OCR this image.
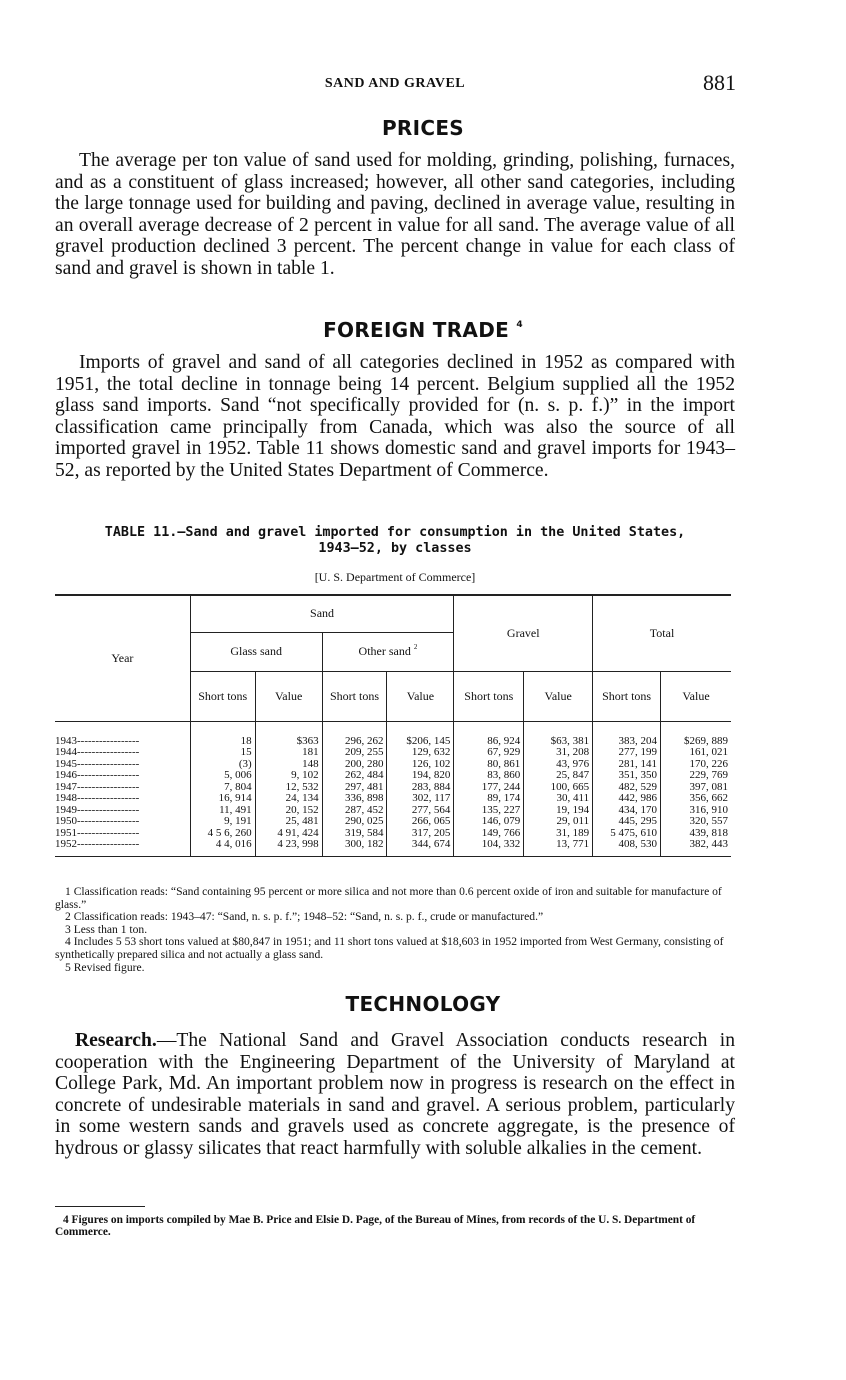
SAND AND GRAVEL	881
PRICES
The average per ton value of sand used for molding, grinding, polishing, furnaces, and as a constituent of glass increased; however, all other sand categories, including the large tonnage used for building and paving, declined in average value, resulting in an overall average decrease of 2 percent in value for all sand. The average value of all gravel production declined 3 percent. The percent change in value for each class of sand and gravel is shown in table 1.
FOREIGN TRADE $^4$
Imports of gravel and sand of all categories declined in 1952 as compared with 1951, the total decline in tonnage being 14 percent. Belgium supplied all the 1952 glass sand imports. Sand “not specifically provided for (n. s. p. f.)” in the import classification came principally from Canada, which was also the source of all imported gravel in 1952. Table 11 shows domestic sand and gravel imports for 1943–52, as reported by the United States Department of Commerce.
TABLE 11.—Sand and gravel imported for consumption in the United States,
1943–52, by classes
[U. S. Department of Commerce]
Year	Sand				Gravel		Total	
	Glass sand		Other sand $^2$
	Short tons	Value	Short tons	Value	Short tons	Value	Short tons	Value
1943-----------------	18	$363	296, 262	$206, 145	86, 924	$63, 381	383, 204	$269, 889
1944-----------------	15	181	209, 255	129, 632	67, 929	31, 208	277, 199	161, 021
1945-----------------	(3)	148	200, 280	126, 102	80, 861	43, 976	281, 141	170, 226
1946-----------------	5, 006	9, 102	262, 484	194, 820	83, 860	25, 847	351, 350	229, 769
1947-----------------	7, 804	12, 532	297, 481	283, 884	177, 244	100, 665	482, 529	397, 081
1948-----------------	16, 914	24, 134	336, 898	302, 117	89, 174	30, 411	442, 986	356, 662
1949-----------------	11, 491	20, 152	287, 452	277, 564	135, 227	19, 194	434, 170	316, 910
1950-----------------	9, 191	25, 481	290, 025	266, 065	146, 079	29, 011	445, 295	320, 557
1951-----------------	4 5 6, 260	4 91, 424	319, 584	317, 205	149, 766	31, 189	5 475, 610	439, 818
1952-----------------	4 4, 016	4 23, 998	300, 182	344, 674	104, 332	13, 771	408, 530	382, 443

1 Classification reads: “Sand containing 95 percent or more silica and not more than 0.6 percent oxide of iron and suitable for manufacture of glass.”

2 Classification reads: 1943–47: “Sand, n. s. p. f.”; 1948–52: “Sand, n. s. p. f., crude or manufactured.”

3 Less than 1 ton.

4 Includes 5 53 short tons valued at $80,847 in 1951; and 11 short tons valued at $18,603 in 1952 imported from West Germany, consisting of synthetically prepared silica and not actually a glass sand.

5 Revised figure.

TECHNOLOGY
Research.—The National Sand and Gravel Association conducts research in cooperation with the Engineering Department of the University of Maryland at College Park, Md. An important problem now in progress is research on the effect in concrete of undesirable materials in sand and gravel. A serious problem, particularly in some western sands and gravels used as concrete aggregate, is the presence of hydrous or glassy silicates that react harmfully with soluble alkalies in the cement.
4 Figures on imports compiled by Mae B. Price and Elsie D. Page, of the Bureau of Mines, from records of the U. S. Department of Commerce.
